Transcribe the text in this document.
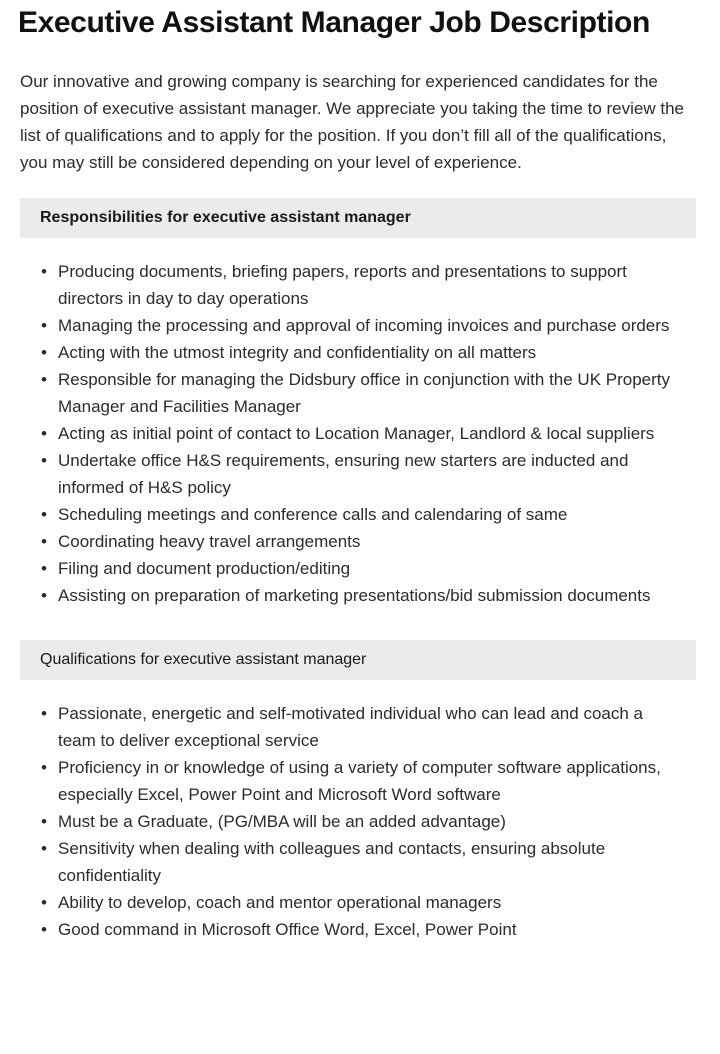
Executive Assistant Manager Job Description

Our innovative and growing company is searching for experienced candidates for the position of executive assistant manager. We appreciate you taking the time to review the list of qualifications and to apply for the position. If you don’t fill all of the qualifications, you may still be considered depending on your level of experience.

Responsibilities for executive assistant manager
• Producing documents, briefing papers, reports and presentations to support directors in day to day operations
• Managing the processing and approval of incoming invoices and purchase orders
• Acting with the utmost integrity and confidentiality on all matters
• Responsible for managing the Didsbury office in conjunction with the UK Property Manager and Facilities Manager
• Acting as initial point of contact to Location Manager, Landlord & local suppliers
• Undertake office H&S requirements, ensuring new starters are inducted and informed of H&S policy
• Scheduling meetings and conference calls and calendaring of same
• Coordinating heavy travel arrangements
• Filing and document production/editing
• Assisting on preparation of marketing presentations/bid submission documents
Qualifications for executive assistant manager
• Passionate, energetic and self-motivated individual who can lead and coach a team to deliver exceptional service
• Proficiency in or knowledge of using a variety of computer software applications, especially Excel, Power Point and Microsoft Word software
• Must be a Graduate, (PG/MBA will be an added advantage)
• Sensitivity when dealing with colleagues and contacts, ensuring absolute confidentiality
• Ability to develop, coach and mentor operational managers
• Good command in Microsoft Office Word, Excel, Power Point
